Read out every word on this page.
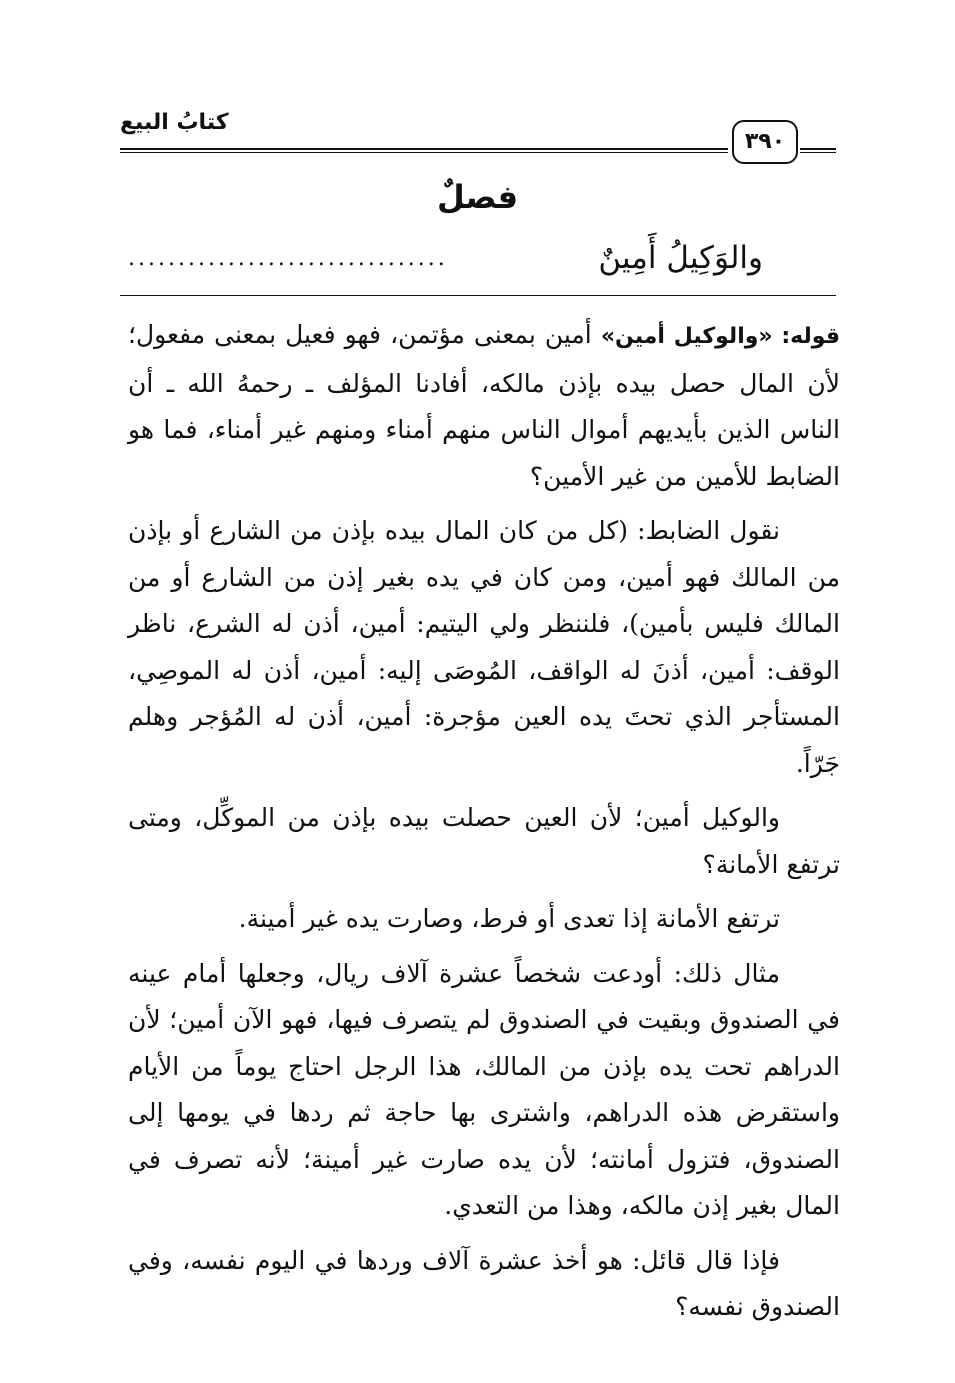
كتابُ البيع
٣٩٠
فصلٌ
والوَكِيلُ أَمِينٌ
................................

قوله: «والوكيل أمين» أمين بمعنى مؤتمن، فهو فعيل بمعنى مفعول؛ لأن المال حصل بيده بإذن مالكه، أفادنا المؤلف ـ رحمهُ الله ـ أن الناس الذين بأيديهم أموال الناس منهم أمناء ومنهم غير أمناء، فما هو الضابط للأمين من غير الأمين؟

نقول الضابط: (كل من كان المال بيده بإذن من الشارع أو بإذن من المالك فهو أمين، ومن كان في يده بغير إذن من الشارع أو من المالك فليس بأمين)، فلننظر ولي اليتيم: أمين، أذن له الشرع، ناظر الوقف: أمين، أذنَ له الواقف، المُوصَى إليه: أمين، أذن له الموصِي، المستأجر الذي تحتَ يده العين مؤجرة: أمين، أذن له المُؤجر وهلم جَرّاً.

والوكيل أمين؛ لأن العين حصلت بيده بإذن من الموكِّل، ومتى ترتفع الأمانة؟

ترتفع الأمانة إذا تعدى أو فرط، وصارت يده غير أمينة.

مثال ذلك: أودعت شخصاً عشرة آلاف ريال، وجعلها أمام عينه في الصندوق وبقيت في الصندوق لم يتصرف فيها، فهو الآن أمين؛ لأن الدراهم تحت يده بإذن من المالك، هذا الرجل احتاج يوماً من الأيام واستقرض هذه الدراهم، واشترى بها حاجة ثم ردها في يومها إلى الصندوق، فتزول أمانته؛ لأن يده صارت غير أمينة؛ لأنه تصرف في المال بغير إذن مالكه، وهذا من التعدي.

فإذا قال قائل: هو أخذ عشرة آلاف وردها في اليوم نفسه، وفي الصندوق نفسه؟
